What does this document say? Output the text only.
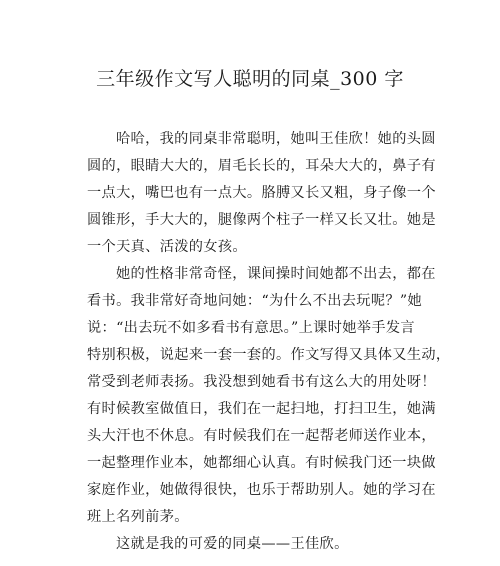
三年级作文写人聪明的同桌_300 字
哈哈，我的同桌非常聪明，她叫王佳欣！她的头圆
圆的，眼睛大大的，眉毛长长的，耳朵大大的，鼻子有
一点大，嘴巴也有一点大。胳膊又长又粗，身子像一个
圆锥形，手大大的，腿像两个柱子一样又长又壮。她是
一个天真、活泼的女孩。
她的性格非常奇怪，课间操时间她都不出去，都在
看书。我非常好奇地问她：“为什么不出去玩呢？”她
说：“出去玩不如多看书有意思。”上课时她举手发言
特别积极，说起来一套一套的。作文写得又具体又生动，
常受到老师表扬。我没想到她看书有这么大的用处呀！
有时候教室做值日，我们在一起扫地，打扫卫生，她满
头大汗也不休息。有时候我们在一起帮老师送作业本，
一起整理作业本，她都细心认真。有时候我门还一块做
家庭作业，她做得很快，也乐于帮助别人。她的学习在
班上名列前茅。
这就是我的可爱的同桌——王佳欣。
